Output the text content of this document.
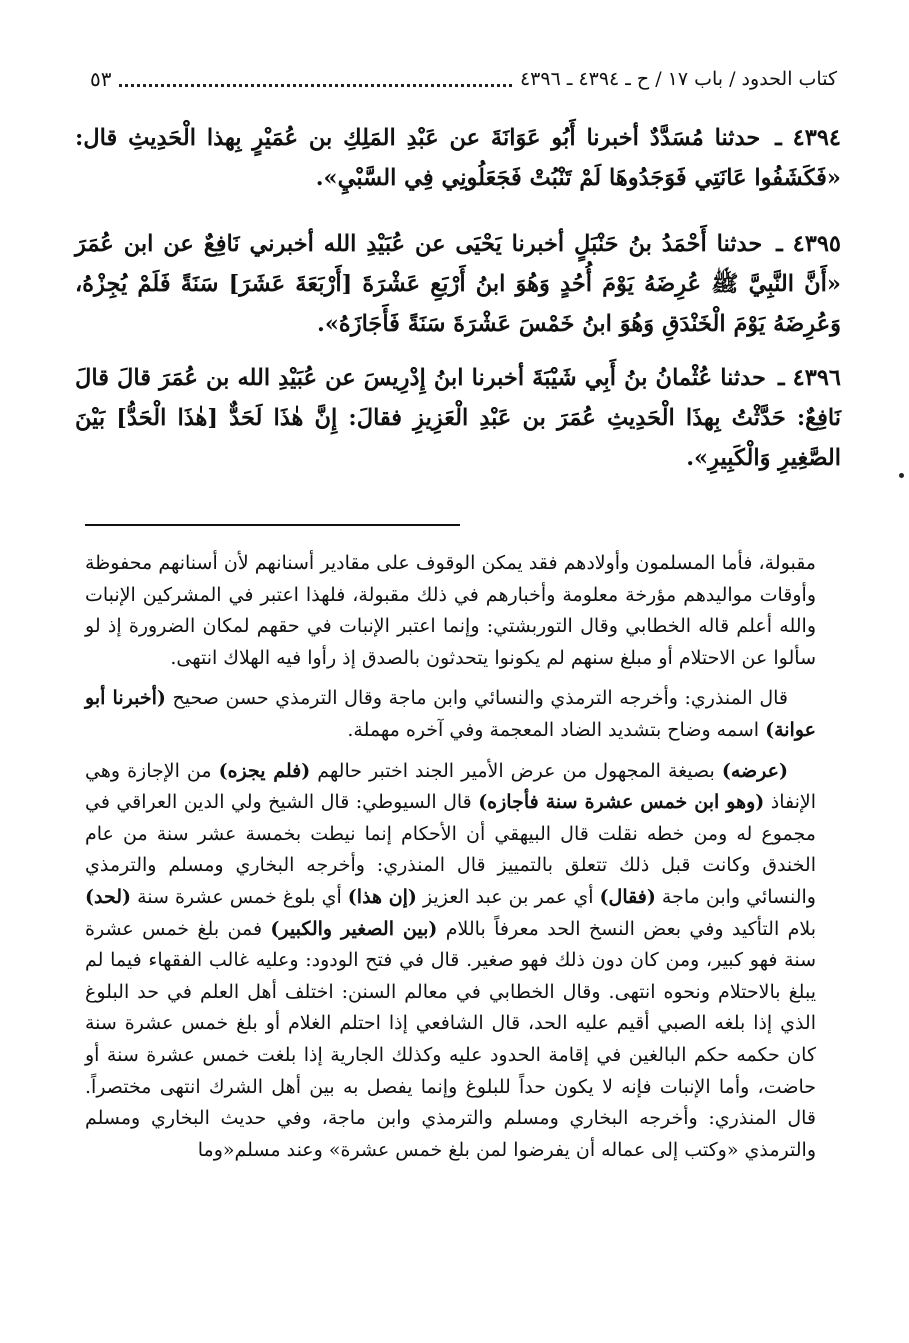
كتاب الحدود / باب ١٧ / ح ـ ٤٣٩٤ ـ ٤٣٩٦
٥٣

٤٣٩٤ ـ حدثنا مُسَدَّدٌ أخبرنا أَبُو عَوَانَةَ عن عَبْدِ المَلِكِ بن عُمَيْرٍ بِهذا الْحَدِيثِ قال: «فَكَشَفُوا عَانَتِي فَوَجَدُوهَا لَمْ تَنْبُتْ فَجَعَلُونِي فِي السَّبْيِ».

٤٣٩٥ ـ حدثنا أَحْمَدُ بنُ حَنْبَلٍ أخبرنا يَحْيَى عن عُبَيْدِ الله أخبرني نَافِعٌ عن ابن عُمَرَ «أَنَّ النَّبِيَّ ﷺ عُرِضَهُ يَوْمَ أُحُدٍ وَهُوَ ابنُ أَرْبَعِ عَشْرَةَ [أَرْبَعَةَ عَشَرَ] سَنَةً فَلَمْ يُجِزْهُ، وَعُرِضَهُ يَوْمَ الْخَنْدَقِ وَهُوَ ابنُ خَمْسَ عَشْرَةَ سَنَةً فَأَجَازَهُ».

٤٣٩٦ ـ حدثنا عُثْمانُ بنُ أَبِي شَيْبَةَ أخبرنا ابنُ إِدْرِيسَ عن عُبَيْدِ الله بن عُمَرَ قالَ قالَ نَافِعٌ: حَدَّثْتُ بِهذَا الْحَدِيثِ عُمَرَ بن عَبْدِ الْعَزِيزِ فقالَ: إِنَّ هٰذَا لَحَدٌّ [هٰذَا الْحَدُّ] بَيْنَ الصَّغِيرِ وَالْكَبِيرِ».

مقبولة، فأما المسلمون وأولادهم فقد يمكن الوقوف على مقادير أسنانهم لأن أسنانهم محفوظة وأوقات مواليدهم مؤرخة معلومة وأخبارهم في ذلك مقبولة، فلهذا اعتبر في المشركين الإنبات والله أعلم قاله الخطابي وقال التوربشتي: وإنما اعتبر الإنبات في حقهم لمكان الضرورة إذ لو سألوا عن الاحتلام أو مبلغ سنهم لم يكونوا يتحدثون بالصدق إذ رأوا فيه الهلاك انتهى.

قال المنذري: وأخرجه الترمذي والنسائي وابن ماجة وقال الترمذي حسن صحيح (أخبرنا أبو عوانة) اسمه وضاح بتشديد الضاد المعجمة وفي آخره مهملة.

(عرضه) بصيغة المجهول من عرض الأمير الجند اختبر حالهم (فلم يجزه) من الإجازة وهي الإنفاذ (وهو ابن خمس عشرة سنة فأجازه) قال السيوطي: قال الشيخ ولي الدين العراقي في مجموع له ومن خطه نقلت قال البيهقي أن الأحكام إنما نيطت بخمسة عشر سنة من عام الخندق وكانت قبل ذلك تتعلق بالتمييز قال المنذري: وأخرجه البخاري ومسلم والترمذي والنسائي وابن ماجة (فقال) أي عمر بن عبد العزيز (إن هذا) أي بلوغ خمس عشرة سنة (لحد) بلام التأكيد وفي بعض النسخ الحد معرفاً باللام (بين الصغير والكبير) فمن بلغ خمس عشرة سنة فهو كبير، ومن كان دون ذلك فهو صغير. قال في فتح الودود: وعليه غالب الفقهاء فيما لم يبلغ بالاحتلام ونحوه انتهى. وقال الخطابي في معالم السنن: اختلف أهل العلم في حد البلوغ الذي إذا بلغه الصبي أقيم عليه الحد، قال الشافعي إذا احتلم الغلام أو بلغ خمس عشرة سنة كان حكمه حكم البالغين في إقامة الحدود عليه وكذلك الجارية إذا بلغت خمس عشرة سنة أو حاضت، وأما الإنبات فإنه لا يكون حداً للبلوغ وإنما يفصل به بين أهل الشرك انتهى مختصراً. قال المنذري: وأخرجه البخاري ومسلم والترمذي وابن ماجة، وفي حديث البخاري ومسلم والترمذي «وكتب إلى عماله أن يفرضوا لمن بلغ خمس عشرة» وعند مسلم«وما
